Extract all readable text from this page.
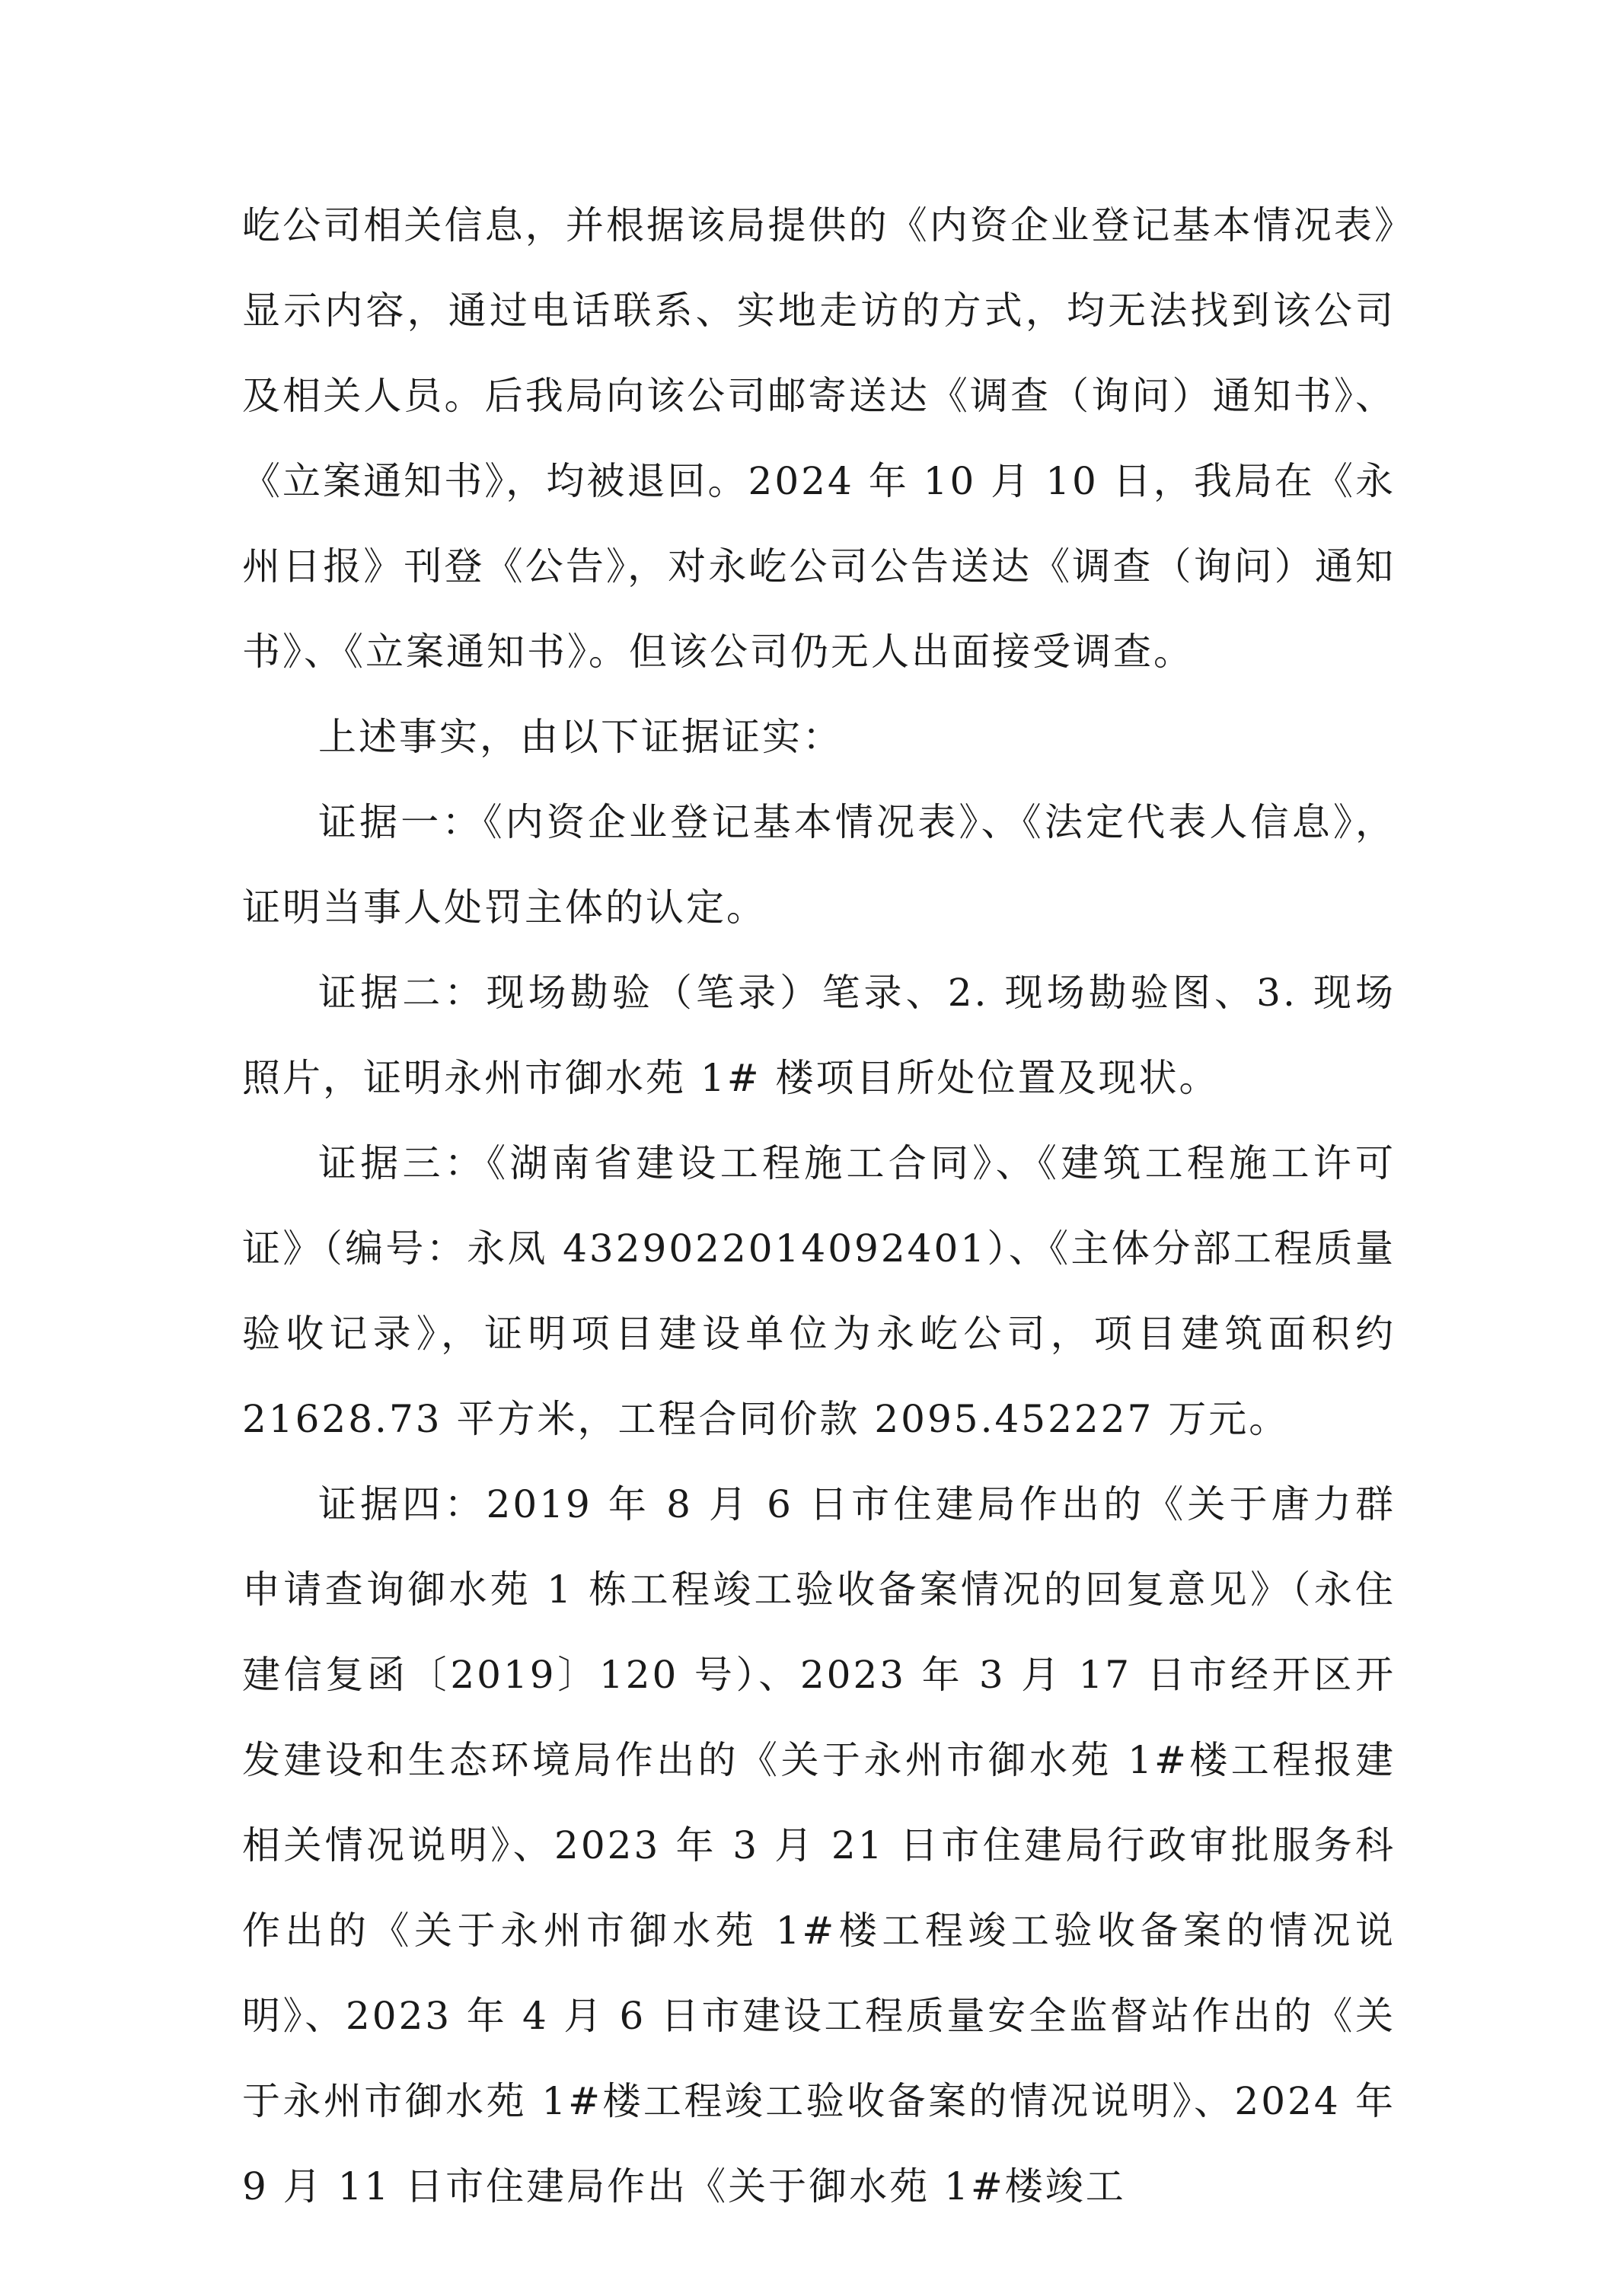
屹公司相关信息，并根据该局提供的《内资企业登记基本情况表》显示内容，通过电话联系、实地走访的方式，均无法找到该公司及相关人员。后我局向该公司邮寄送达《调查（询问）通知书》、《立案通知书》，均被退回。2024 年 10 月 10 日，我局在《永州日报》刊登《公告》，对永屹公司公告送达《调查（询问）通知书》、《立案通知书》。但该公司仍无人出面接受调查。

上述事实，由以下证据证实：

证据一：《内资企业登记基本情况表》、《法定代表人信息》，证明当事人处罚主体的认定。

证据二：现场勘验（笔录）笔录、2. 现场勘验图、3. 现场照片，证明永州市御水苑 1# 楼项目所处位置及现状。

证据三：《湖南省建设工程施工合同》、《建筑工程施工许可证》（编号：永凤 4329022014092401）、《主体分部工程质量验收记录》，证明项目建设单位为永屹公司，项目建筑面积约 21628.73 平方米，工程合同价款 2095.452227 万元。

证据四：2019 年 8 月 6 日市住建局作出的《关于唐力群申请查询御水苑 1 栋工程竣工验收备案情况的回复意见》（永住建信复函〔2019〕120 号）、2023 年 3 月 17 日市经开区开发建设和生态环境局作出的《关于永州市御水苑 1#楼工程报建相关情况说明》、2023 年 3 月 21 日市住建局行政审批服务科作出的《关于永州市御水苑 1#楼工程竣工验收备案的情况说明》、2023 年 4 月 6 日市建设工程质量安全监督站作出的《关于永州市御水苑 1#楼工程竣工验收备案的情况说明》、2024 年 9 月 11 日市住建局作出《关于御水苑 1#楼竣工
